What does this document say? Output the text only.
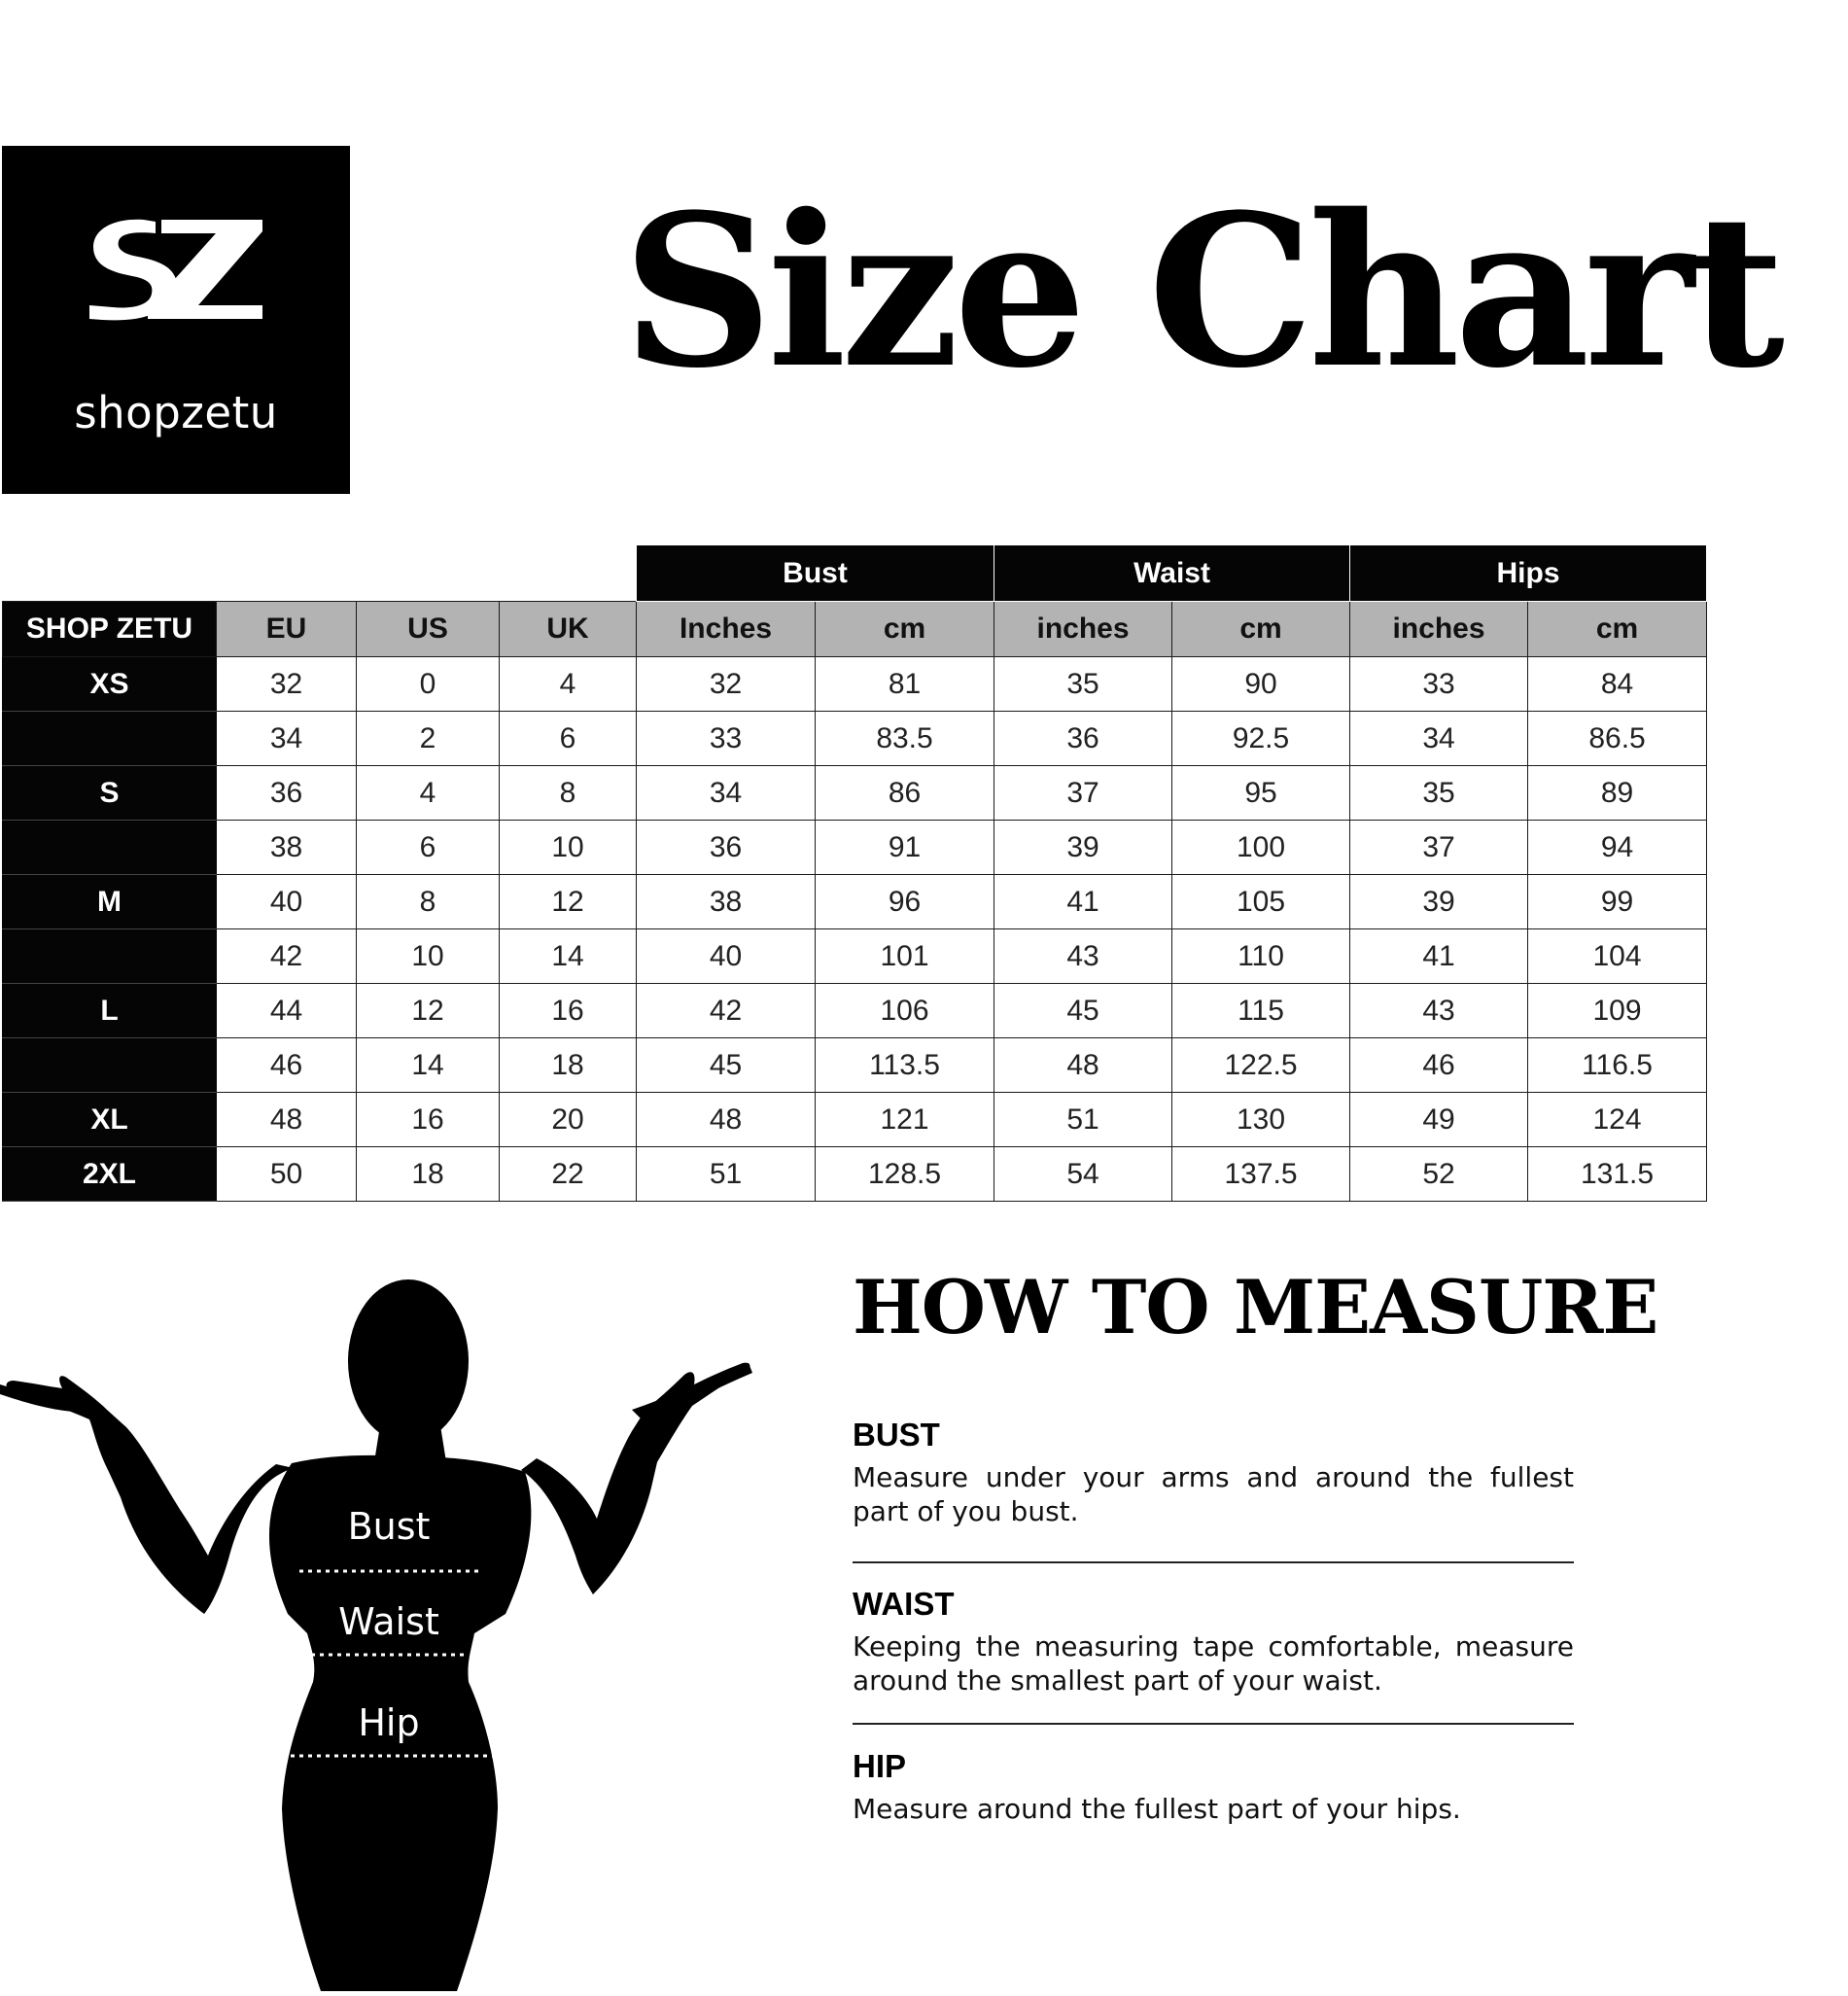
shopzetu	Size Chart
				Bust		Waist		Hips	
SHOP ZETU	EU	US	UK	Inches	cm	inches	cm	inches	cm
XS	32	0	4	32	81	35	90	33	84
	34	2	6	33	83.5	36	92.5	34	86.5
S	36	4	8	34	86	37	95	35	89
	38	6	10	36	91	39	100	37	94
M	40	8	12	38	96	41	105	39	99
	42	10	14	40	101	43	110	41	104
L	44	12	16	42	106	45	115	43	109
	46	14	18	45	113.5	48	122.5	46	116.5
XL	48	16	20	48	121	51	130	49	124
2XL	50	18	22	51	128.5	54	137.5	52	131.5
Bust
Waist
Hip
HOW TO MEASURE
BUST

Measure under your arms and around the fullest part of you bust.

WAIST

Keeping the measuring tape comfortable, measure around the smallest part of your waist.

HIP

Measure around the fullest part of your hips.
